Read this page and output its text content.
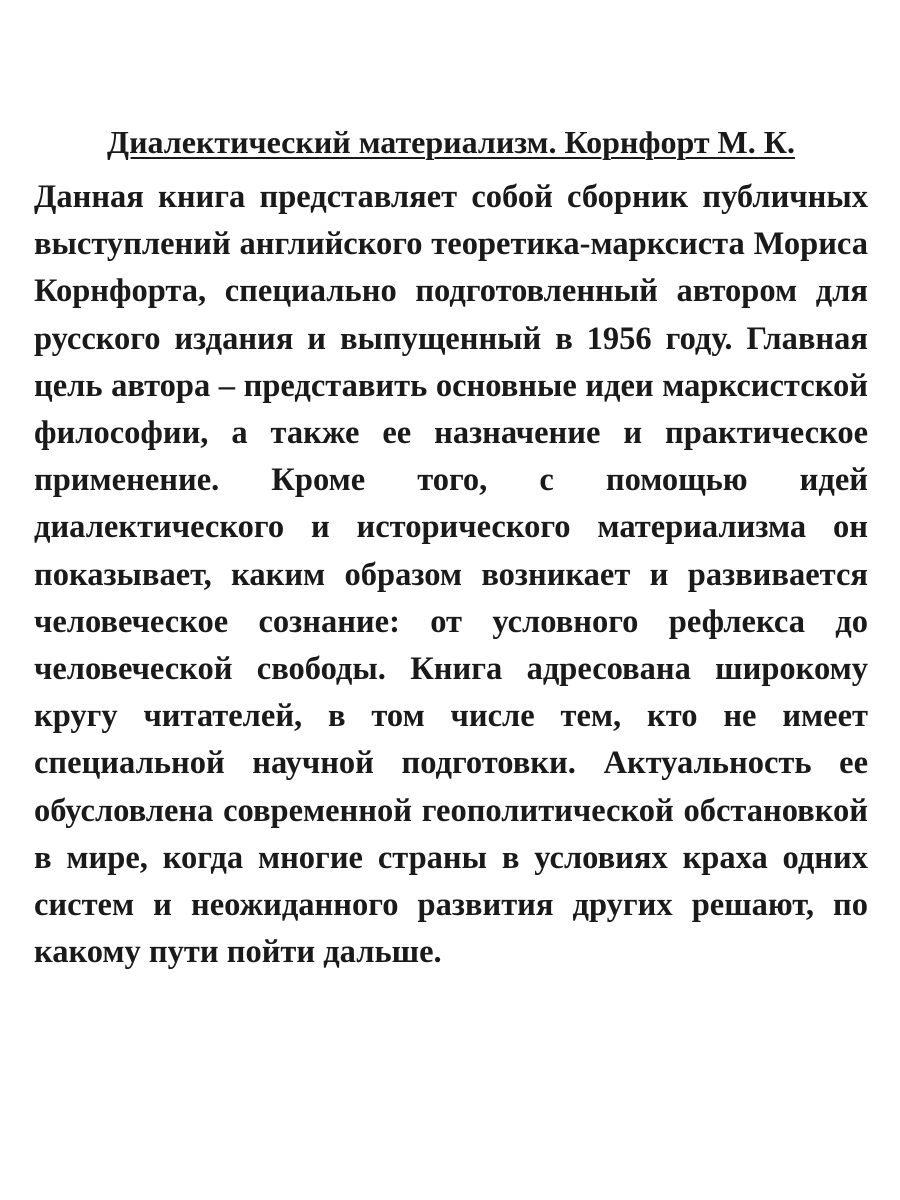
Диалектический материализм. Корнфорт М. К.

Данная книга представляет собой сборник публичных выступлений английского теоретика-марксиста Мориса Корнфорта, специально подготовленный автором для русского издания и выпущенный в 1956 году. Главная цель автора – представить основные идеи марксистской философии, а также ее назначение и практическое применение. Кроме того, с помощью идей диалектического и исторического материализма он показывает, каким образом возникает и развивается человеческое сознание: от условного рефлекса до человеческой свободы. Книга адресована широкому кругу читателей, в том числе тем, кто не имеет специальной научной подготовки. Актуальность ее обусловлена современной геополитической обстановкой в мире, когда многие страны в условиях краха одних систем и неожиданного развития других решают, по какому пути пойти дальше.
